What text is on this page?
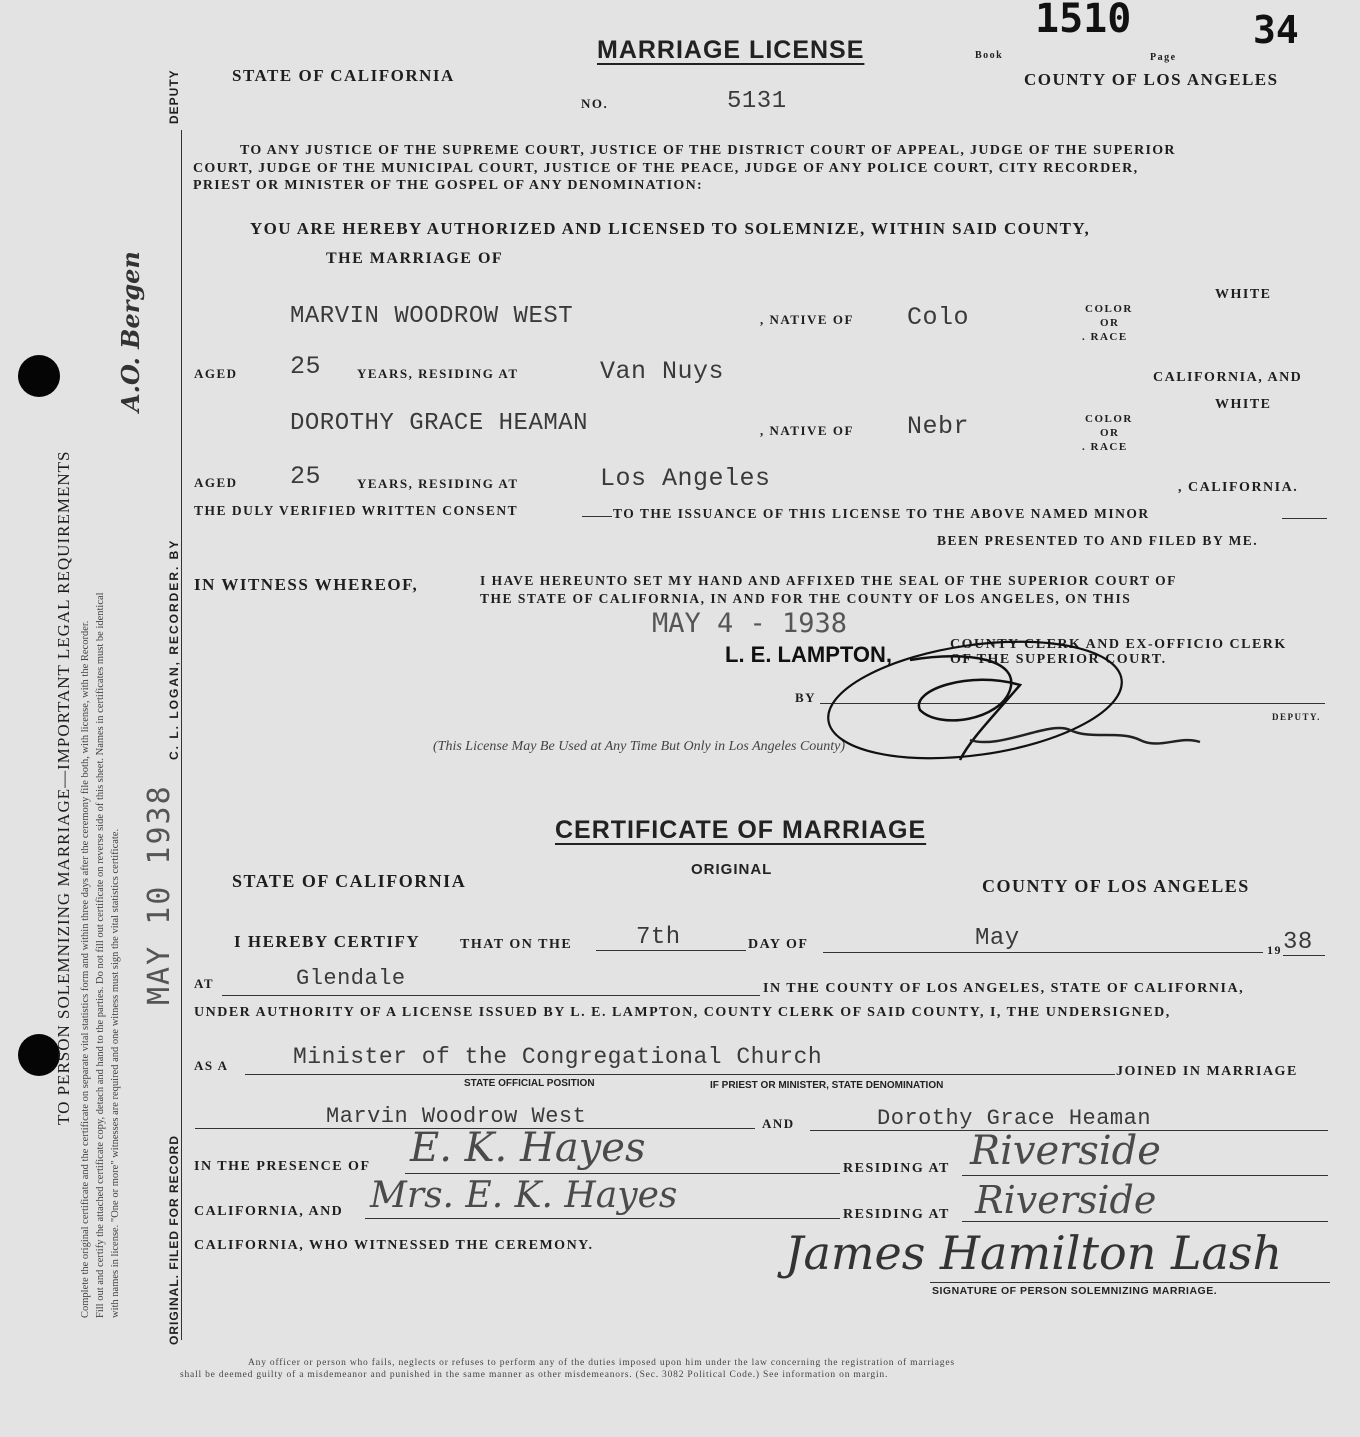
TO PERSON SOLEMNIZING MARRIAGE—IMPORTANT LEGAL REQUIREMENTS Complete the original certificate and the certificate on separate vital statistics form and within three days after the ceremony file both, with license, with the Recorder. Fill out and certify the attached certificate copy, detach and hand to the parties. Do not fill out certificate on reverse side of this sheet. Names in certificates must be identical with names in license. "One or more" witnesses are required and one witness must sign the vital statistics certificate.
A.O. Bergen
MAY 10 1938
ORIGINAL. FILED FOR RECORD
C. L. LOGAN, RECORDER. BY
DEPUTY
MARRIAGE LICENSE
STATE OF CALIFORNIA
NO.	5131
Book
1510
Page
34
COUNTY OF LOS ANGELES
TO ANY JUSTICE OF THE SUPREME COURT, JUSTICE OF THE DISTRICT COURT OF APPEAL, JUDGE OF THE SUPERIOR
COURT, JUDGE OF THE MUNICIPAL COURT, JUSTICE OF THE PEACE, JUDGE OF ANY POLICE COURT, CITY RECORDER,
PRIEST OR MINISTER OF THE GOSPEL OF ANY DENOMINATION:
YOU ARE HEREBY AUTHORIZED AND LICENSED TO SOLEMNIZE, WITHIN SAID COUNTY,
THE MARRIAGE OF
MARVIN WOODROW WEST	, NATIVE OF Colo	COLOR
OR
. RACE
WHITE
AGED 25	YEARS, RESIDING AT	Van Nuys	CALIFORNIA, AND
WHITE
DOROTHY GRACE HEAMAN	, NATIVE OF Nebr	COLOR
OR
. RACE
AGED 25	YEARS, RESIDING AT	Los Angeles	, CALIFORNIA.
THE DULY VERIFIED WRITTEN CONSENT	TO THE ISSUANCE OF THIS LICENSE TO THE ABOVE NAMED MINOR
BEEN PRESENTED TO AND FILED BY ME.
IN WITNESS WHEREOF,	I HAVE HEREUNTO SET MY HAND AND AFFIXED THE SEAL OF THE SUPERIOR COURT OF
THE STATE OF CALIFORNIA, IN AND FOR THE COUNTY OF LOS ANGELES, ON THIS
MAY 4 - 1938
L. E. LAMPTON,	COUNTY CLERK AND EX-OFFICIO CLERK
OF THE SUPERIOR COURT.
BY
DEPUTY.
(This License May Be Used at Any Time But Only in Los Angeles County)
R. Pace
CERTIFICATE OF MARRIAGE
ORIGINAL
STATE OF CALIFORNIA	COUNTY OF LOS ANGELES
I HEREBY CERTIFY	THAT ON THE	7th	DAY OF	May	19 38
AT	Glendale	IN THE COUNTY OF LOS ANGELES, STATE OF CALIFORNIA,
UNDER AUTHORITY OF A LICENSE ISSUED BY L. E. LAMPTON, COUNTY CLERK OF SAID COUNTY, I, THE UNDERSIGNED,
AS A	Minister of the Congregational Church
STATE OFFICIAL POSITION	IF PRIEST OR MINISTER, STATE DENOMINATION
JOINED IN MARRIAGE
Marvin Woodrow West	AND	Dorothy Grace Heaman
IN THE PRESENCE OF E. K. Hayes	RESIDING AT Riverside
CALIFORNIA, AND Mrs. E. K. Hayes	RESIDING AT Riverside
CALIFORNIA, WHO WITNESSED THE CEREMONY.	James Hamilton Lash
SIGNATURE OF PERSON SOLEMNIZING MARRIAGE.
Any officer or person who fails, neglects or refuses to perform any of the duties imposed upon him under the law concerning the registration of marriages
shall be deemed guilty of a misdemeanor and punished in the same manner as other misdemeanors. (Sec. 3082 Political Code.) See information on margin.
